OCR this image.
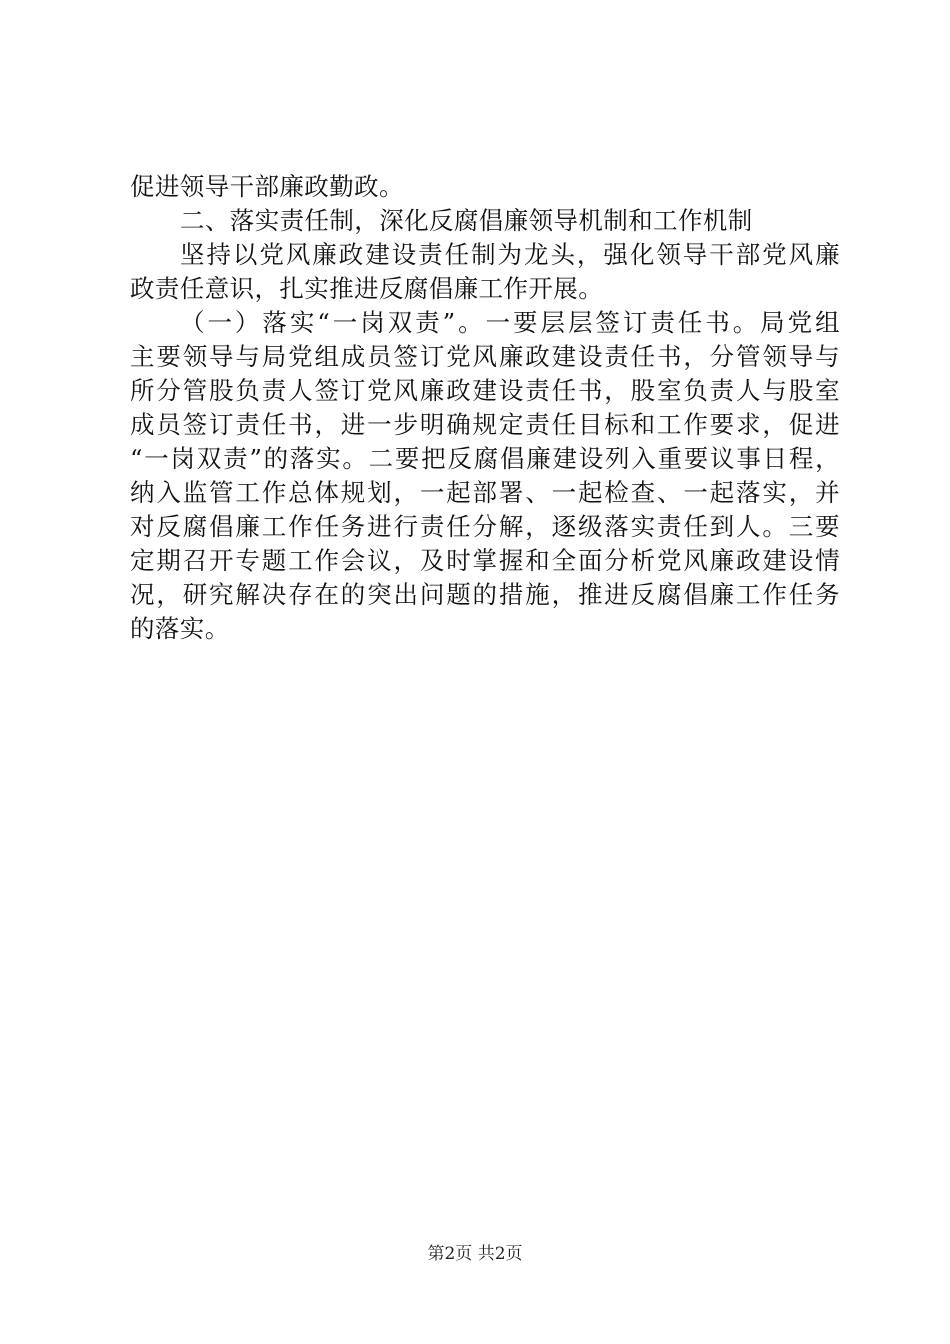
促进领导干部廉政勤政。
二、落实责任制，深化反腐倡廉领导机制和工作机制
坚持以党风廉政建设责任制为龙头，强化领导干部党风廉
政责任意识，扎实推进反腐倡廉工作开展。
（一）落实“一岗双责”。一要层层签订责任书。局党组
主要领导与局党组成员签订党风廉政建设责任书，分管领导与
所分管股负责人签订党风廉政建设责任书，股室负责人与股室
成员签订责任书，进一步明确规定责任目标和工作要求，促进
“一岗双责”的落实。二要把反腐倡廉建设列入重要议事日程，
纳入监管工作总体规划，一起部署、一起检查、一起落实，并
对反腐倡廉工作任务进行责任分解，逐级落实责任到人。三要
定期召开专题工作会议，及时掌握和全面分析党风廉政建设情
况，研究解决存在的突出问题的措施，推进反腐倡廉工作任务
的落实。
第2页 共2页
